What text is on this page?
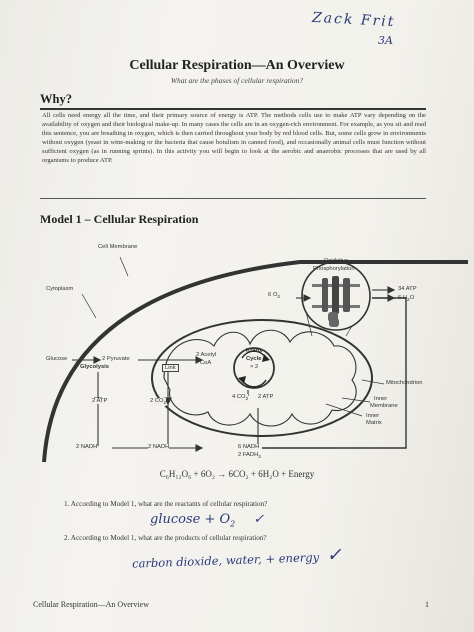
Zack Frit
3A
Cellular Respiration—An Overview
What are the phases of cellular respiration?
Why?
All cells need energy all the time, and their primary source of energy is ATP. The methods cells use to make ATP vary depending on the availability of oxygen and their biological make-up. In many cases the cells are in an oxygen-rich environment. For example, as you sit and read this sentence, you are breathing in oxygen, which is then carried throughout your body by red blood cells. But, some cells grow in environments without oxygen (yeast in wine-making or the bacteria that cause botulism in canned food), and occasionally animal cells must function without sufficient oxygen (as in running sprints). In this activity you will begin to look at the aerobic and anaerobic processes that are used by all organisms to produce ATP.
Model 1 – Cellular Respiration
Cell Membrane
Cytoplasm
Oxidative
Phosphorylation
6 $O_2$
34 ATP
6 $H_2O$
Glucose	2 Pyruvate
Glycolysis	Link
2 Acetyl
CoA
Krebs
Cycle
× 2
Mitochondrion
Inner
Membrane
Inner
Matrix
2 ATP	2 $CO_2$
4 $CO_2$ 2 ATP
2 NADH	2 NADH	6 NADH
2 $FADH_2$
C₆H₁₂O₆ + 6O₂ → 6CO₂ + 6H₂O + Energy
1. According to Model 1, what are the reactants of cellular respiration?
$glucose + O_2$ ✓
2. According to Model 1, what are the products of cellular respiration?
carbon dioxide, water, + energy ✓
Cellular Respiration—An Overview	1
